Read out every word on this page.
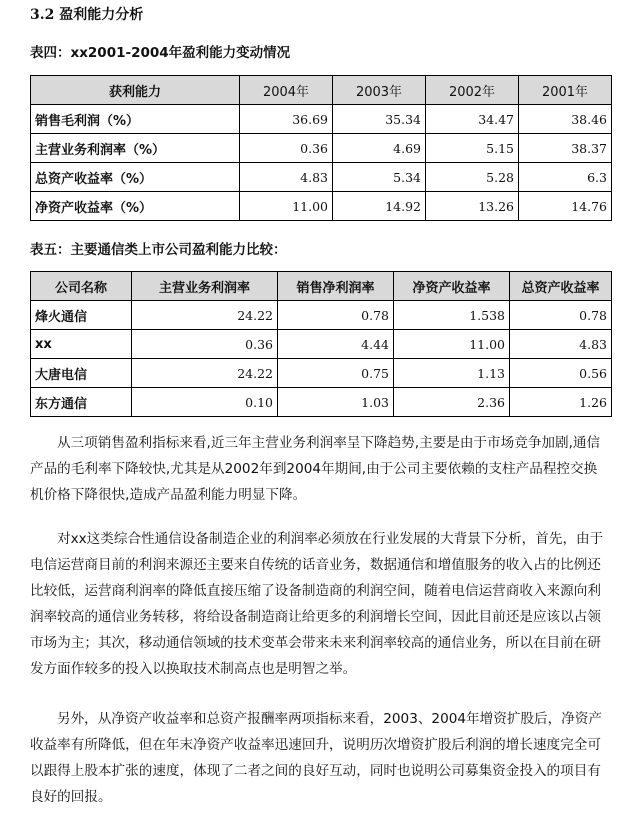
3.2 盈利能力分析
表四：xx2001-2004年盈利能力变动情况
获利能力	2004年	2003年	2002年	2001年
销售毛利润（%）	36.69	35.34	34.47	38.46
主营业务利润率（%）	0.36	4.69	5.15	38.37
总资产收益率（%）	4.83	5.34	5.28	6.3
净资产收益率（%）	11.00	14.92	13.26	14.76
表五：主要通信类上市公司盈利能力比较：
公司名称	主营业务利润率	销售净利润率	净资产收益率	总资产收益率
烽火通信	24.22	0.78	1.538	0.78
xx	0.36	4.44	11.00	4.83
大唐电信	24.22	0.75	1.13	0.56
东方通信	0.10	1.03	2.36	1.26

从三项销售盈利指标来看,近三年主营业务利润率呈下降趋势,主要是由于市场竞争加剧,通信产品的毛利率下降较快,尤其是从2002年到2004年期间,由于公司主要依赖的支柱产品程控交换机价格下降很快,造成产品盈利能力明显下降。

对xx这类综合性通信设备制造企业的利润率必须放在行业发展的大背景下分析，首先，由于电信运营商目前的利润来源还主要来自传统的话音业务，数据通信和增值服务的收入占的比例还比较低，运营商利润率的降低直接压缩了设备制造商的利润空间，随着电信运营商收入来源向利润率较高的通信业务转移，将给设备制造商让给更多的利润增长空间，因此目前还是应该以占领市场为主；其次，移动通信领域的技术变革会带来未来利润率较高的通信业务，所以在目前在研发方面作较多的投入以换取技术制高点也是明智之举。

另外，从净资产收益率和总资产报酬率两项指标来看，2003、2004年增资扩股后，净资产收益率有所降低，但在年末净资产收益率迅速回升，说明历次增资扩股后利润的增长速度完全可以跟得上股本扩张的速度，体现了二者之间的良好互动，同时也说明公司募集资金投入的项目有良好的回报。
